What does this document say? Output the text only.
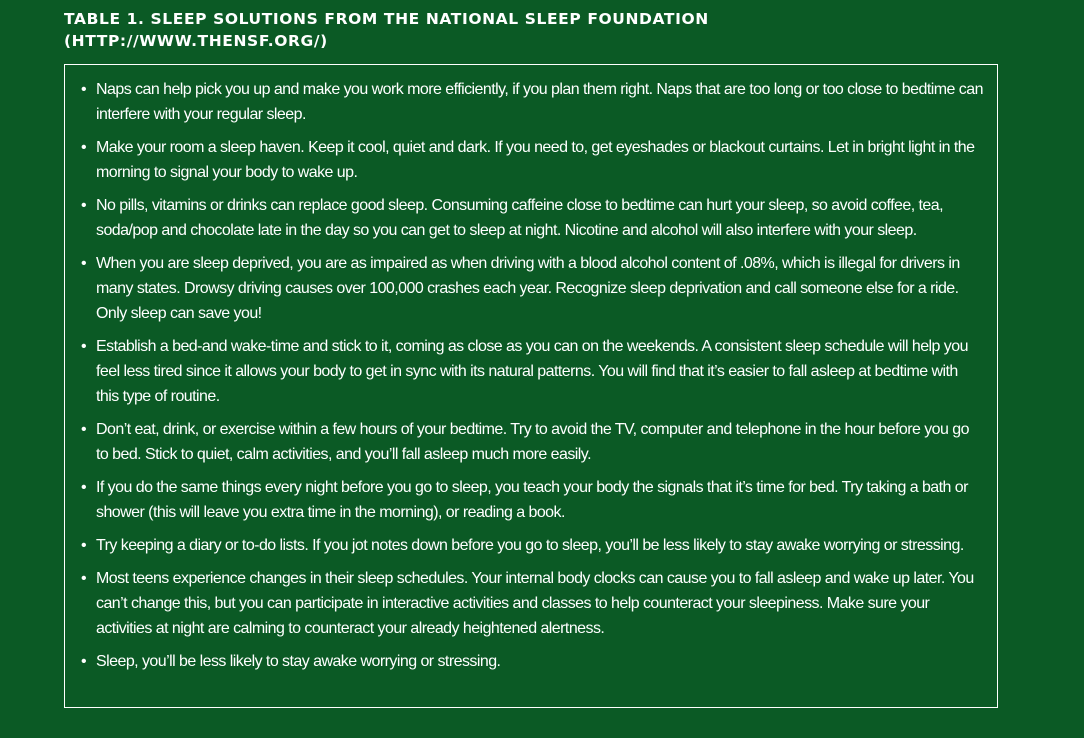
TABLE 1. SLEEP SOLUTIONS FROM THE NATIONAL SLEEP FOUNDATION
(HTTP://WWW.THENSF.ORG/)
• Naps can help pick you up and make you work more efficiently, if you plan them right. Naps that are too long or too close to bedtime can interfere with your regular sleep.
• Make your room a sleep haven. Keep it cool, quiet and dark. If you need to, get eyeshades or blackout curtains. Let in bright light in the morning to signal your body to wake up.
• No pills, vitamins or drinks can replace good sleep. Consuming caffeine close to bedtime can hurt your sleep, so avoid coffee, tea, soda/pop and chocolate late in the day so you can get to sleep at night. Nicotine and alcohol will also interfere with your sleep.
• When you are sleep deprived, you are as impaired as when driving with a blood alcohol content of .08%, which is illegal for drivers in many states. Drowsy driving causes over 100,000 crashes each year. Recognize sleep deprivation and call someone else for a ride. Only sleep can save you!
• Establish a bed-and wake-time and stick to it, coming as close as you can on the weekends. A consistent sleep schedule will help you feel less tired since it allows your body to get in sync with its natural patterns. You will find that it’s easier to fall asleep at bedtime with this type of routine.
• Don’t eat, drink, or exercise within a few hours of your bedtime. Try to avoid the TV, computer and telephone in the hour before you go to bed. Stick to quiet, calm activities, and you’ll fall asleep much more easily.
• If you do the same things every night before you go to sleep, you teach your body the signals that it’s time for bed. Try taking a bath or shower (this will leave you extra time in the morning), or reading a book.
• Try keeping a diary or to-do lists. If you jot notes down before you go to sleep, you’ll be less likely to stay awake worrying or stressing.
• Most teens experience changes in their sleep schedules. Your internal body clocks can cause you to fall asleep and wake up later. You can’t change this, but you can participate in interactive activities and classes to help counteract your sleepiness. Make sure your activities at night are calming to counteract your already heightened alertness.
• Sleep, you’ll be less likely to stay awake worrying or stressing.
